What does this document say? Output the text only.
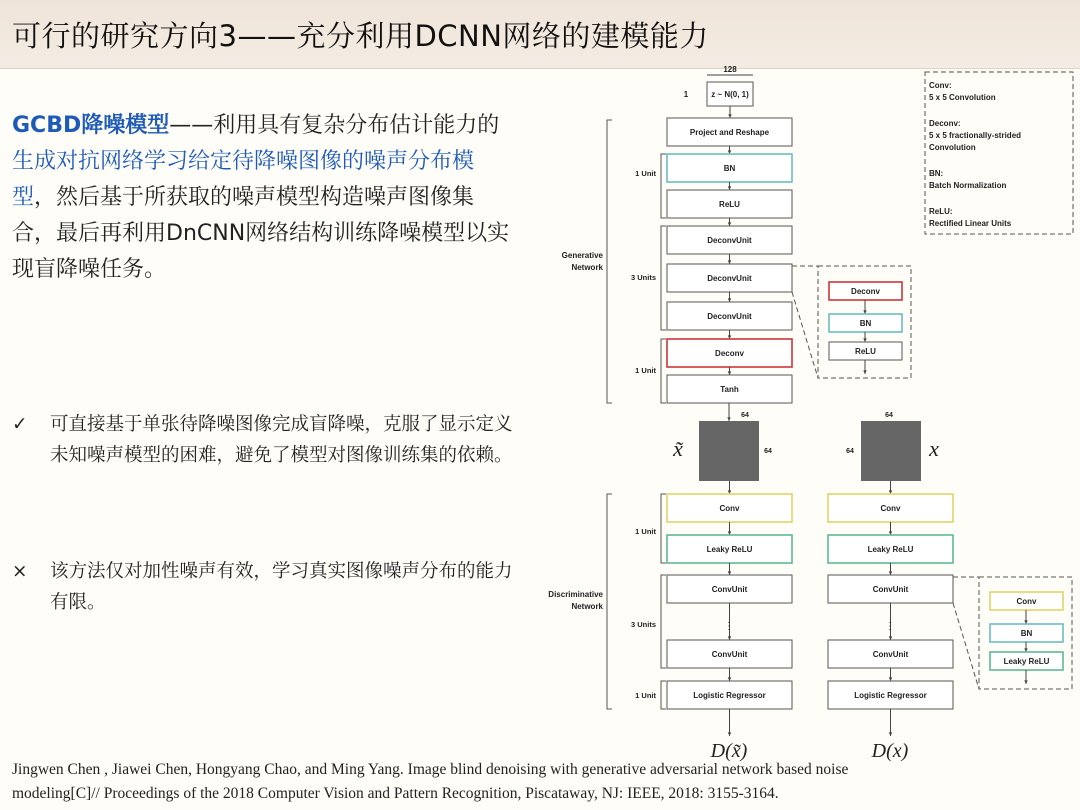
可行的研究方向3——充分利用DCNN网络的建模能力
GCBD降噪模型——利用具有复杂分布估计能力的生成对抗网络学习给定待降噪图像的噪声分布模型，然后基于所获取的噪声模型构造噪声图像集合，最后再利用DnCNN网络结构训练降噪模型以实现盲降噪任务。
✓	可直接基于单张待降噪图像完成盲降噪，克服了显示定义未知噪声模型的困难，避免了模型对图像训练集的依赖。
×	该方法仅对加性噪声有效，学习真实图像噪声分布的能力有限。
Jingwen Chen , Jiawei Chen, Hongyang Chao, and Ming Yang. Image blind denoising with generative adversarial network based noise
modeling[C]// Proceedings of the 2018 Computer Vision and Pattern Recognition, Piscataway, NJ: IEEE, 2018: 3155-3164.
128
1	z ~ N(0, 1)
Project and Reshape
BN
ReLU
DeconvUnit
DeconvUnit
DeconvUnit
Deconv
Tanh
1 Unit
3 Units
1 Unit
Generative
Network
Deconv
BN
ReLU
64
64
x̃
64
64	x
Conv
Leaky ReLU
ConvUnit
ConvUnit
Logistic Regressor
Conv
Leaky ReLU
ConvUnit
ConvUnit
Logistic Regressor
⋮	⋮
1 Unit
3 Units
1 Unit
Discriminative
Network
Conv
BN
Leaky ReLU
D(x̃)	D(x)
Conv:
5 x 5 Convolution
Deconv:
5 x 5 fractionally-strided
Convolution
BN:
Batch Normalization
ReLU:
Rectified Linear Units
